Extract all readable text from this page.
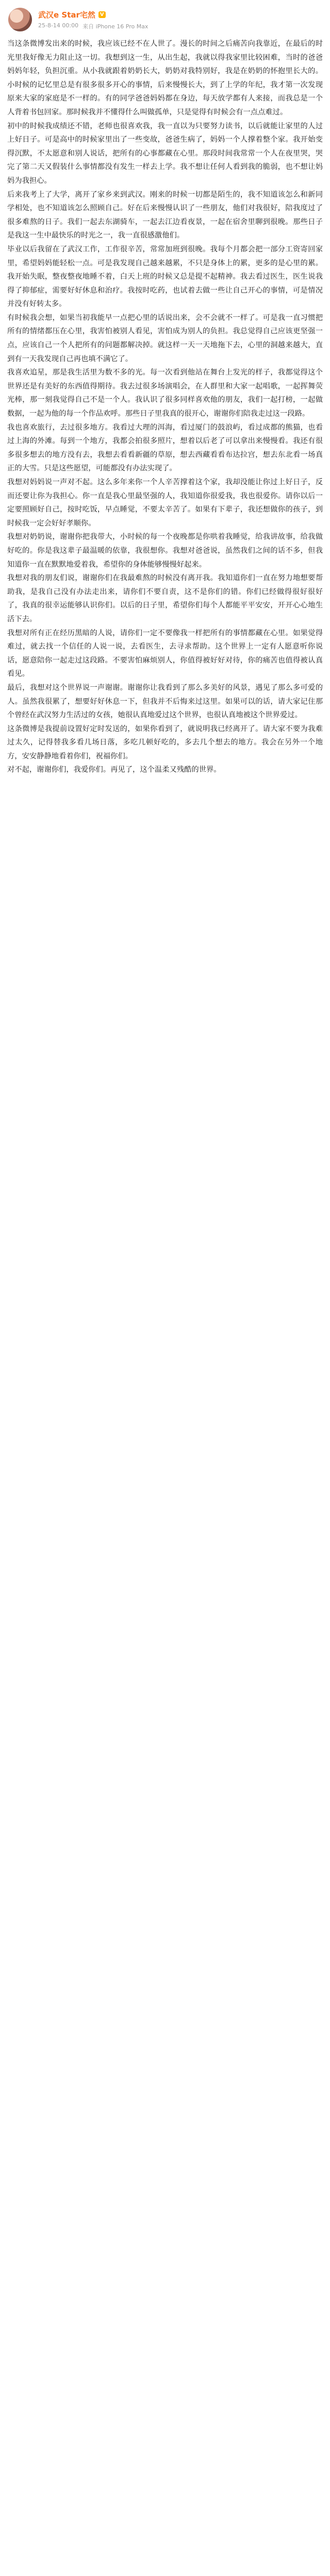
武汉e Star宅然 V
25-8-14 00:00 来自 iPhone 16 Pro Max

当这条微博发出来的时候，我应该已经不在人世了。漫长的时间之后痛苦向我靠近，在最后的时光里我好像无力阻止这一切。我想到这一生，从出生起，我就以得我家里比较困难，当时的爸爸妈妈年轻，负担沉重。从小我就跟着奶奶长大，奶奶对我特别好，我是在奶奶的怀抱里长大的。小时候的记忆里总是有很多很多开心的事情，后来慢慢长大，到了上学的年纪，我才第一次发现原来大家的家庭是不一样的。有的同学爸爸妈妈都在身边，每天放学都有人来接，而我总是一个人背着书包回家。那时候我并不懂得什么叫做孤单，只是觉得有时候会有一点点难过。

初中的时候我成绩还不错，老师也很喜欢我，我一直以为只要努力读书，以后就能让家里的人过上好日子。可是高中的时候家里出了一些变故，爸爸生病了，妈妈一个人撑着整个家。我开始变得沉默，不太愿意和别人说话，把所有的心事都藏在心里。那段时间我常常一个人在夜里哭，哭完了第二天又假装什么事情都没有发生一样去上学。我不想让任何人看到我的脆弱，也不想让妈妈为我担心。

后来我考上了大学，离开了家乡来到武汉。刚来的时候一切都是陌生的，我不知道该怎么和新同学相处，也不知道该怎么照顾自己。好在后来慢慢认识了一些朋友，他们对我很好，陪我度过了很多难熬的日子。我们一起去东湖骑车，一起去江边看夜景，一起在宿舍里聊到很晚。那些日子是我这一生中最快乐的时光之一，我一直很感激他们。

毕业以后我留在了武汉工作，工作很辛苦，常常加班到很晚。我每个月都会把一部分工资寄回家里，希望妈妈能轻松一点。可是我发现自己越来越累，不只是身体上的累，更多的是心里的累。我开始失眠，整夜整夜地睡不着，白天上班的时候又总是提不起精神。我去看过医生，医生说我得了抑郁症，需要好好休息和治疗。我按时吃药，也试着去做一些让自己开心的事情，可是情况并没有好转太多。

有时候我会想，如果当初我能早一点把心里的话说出来，会不会就不一样了。可是我一直习惯把所有的情绪都压在心里，我害怕被别人看见，害怕成为别人的负担。我总觉得自己应该更坚强一点，应该自己一个人把所有的问题都解决掉。就这样一天一天地拖下去，心里的洞越来越大，直到有一天我发现自己再也填不满它了。

我喜欢追星，那是我生活里为数不多的光。每一次看到他站在舞台上发光的样子，我都觉得这个世界还是有美好的东西值得期待。我去过很多场演唱会，在人群里和大家一起唱歌，一起挥舞荧光棒，那一刻我觉得自己不是一个人。我认识了很多同样喜欢他的朋友，我们一起打榜，一起做数据，一起为他的每一个作品欢呼。那些日子里我真的很开心，谢谢你们陪我走过这一段路。

我也喜欢旅行，去过很多地方。我看过大理的洱海，看过厦门的鼓浪屿，看过成都的熊猫，也看过上海的外滩。每到一个地方，我都会拍很多照片，想着以后老了可以拿出来慢慢看。我还有很多很多想去的地方没有去，我想去看看新疆的草原，想去西藏看看布达拉宫，想去东北看一场真正的大雪。只是这些愿望，可能都没有办法实现了。

我想对妈妈说一声对不起。这么多年来你一个人辛苦撑着这个家，我却没能让你过上好日子，反而还要让你为我担心。你一直是我心里最坚强的人，我知道你很爱我，我也很爱你。请你以后一定要照顾好自己，按时吃饭，早点睡觉，不要太辛苦了。如果有下辈子，我还想做你的孩子，到时候我一定会好好孝顺你。

我想对奶奶说，谢谢你把我带大，小时候的每一个夜晚都是你哄着我睡觉，给我讲故事，给我做好吃的。你是我这辈子最温暖的依靠，我很想你。我想对爸爸说，虽然我们之间的话不多，但我知道你一直在默默地爱着我，希望你的身体能够慢慢好起来。

我想对我的朋友们说，谢谢你们在我最难熬的时候没有离开我。我知道你们一直在努力地想要帮助我，是我自己没有办法走出来，请你们不要自责，这不是你们的错。你们已经做得很好很好了，我真的很幸运能够认识你们。以后的日子里，希望你们每个人都能平平安安，开开心心地生活下去。

我想对所有正在经历黑暗的人说，请你们一定不要像我一样把所有的事情都藏在心里。如果觉得难过，就去找一个信任的人说一说，去看医生，去寻求帮助。这个世界上一定有人愿意听你说话，愿意陪你一起走过这段路。不要害怕麻烦别人，你值得被好好对待，你的痛苦也值得被认真看见。

最后，我想对这个世界说一声谢谢。谢谢你让我看到了那么多美好的风景，遇见了那么多可爱的人。虽然我很累了，想要好好休息一下，但我并不后悔来过这里。如果可以的话，请大家记住那个曾经在武汉努力生活过的女孩，她很认真地爱过这个世界，也很认真地被这个世界爱过。

这条微博是我提前设置好定时发送的，如果你看到了，就说明我已经离开了。请大家不要为我难过太久，记得替我多看几场日落，多吃几顿好吃的，多去几个想去的地方。我会在另外一个地方，安安静静地看着你们，祝福你们。

对不起，谢谢你们，我爱你们。再见了，这个温柔又残酷的世界。
